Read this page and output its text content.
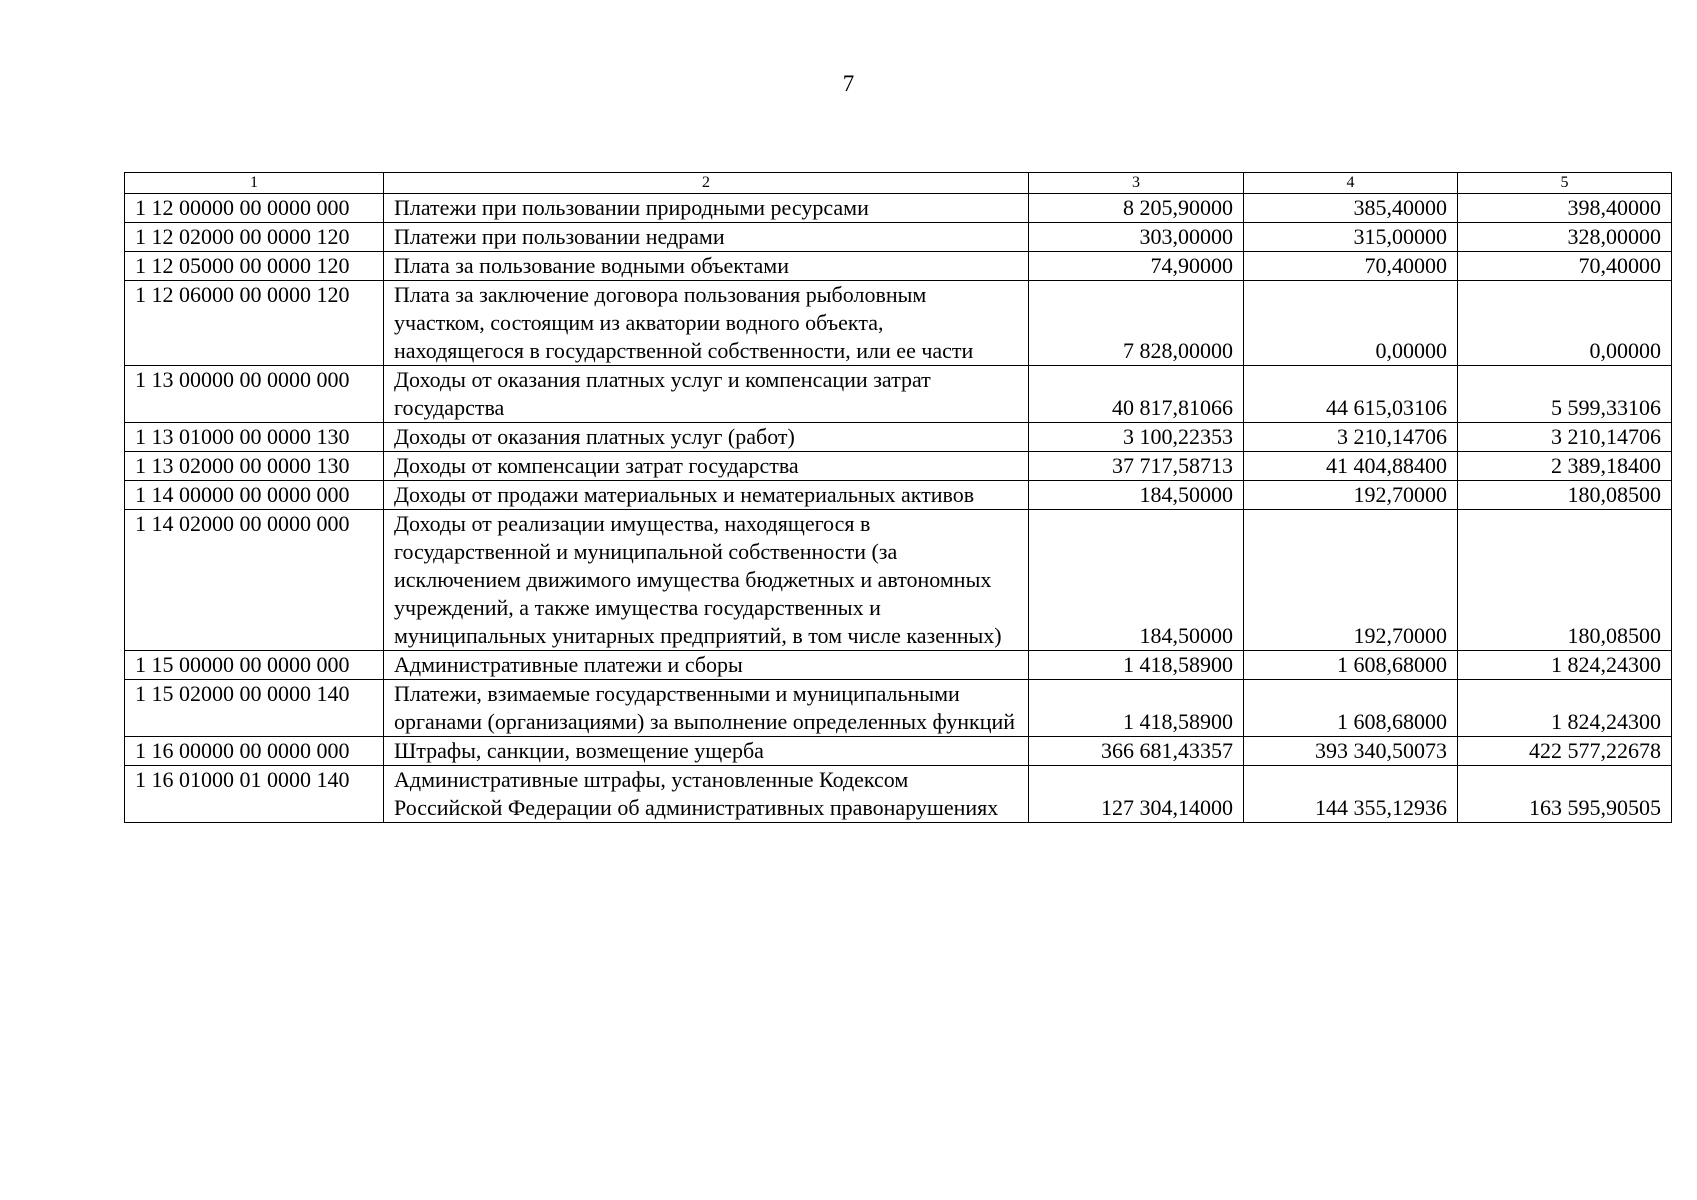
7
1	2	3	4	5
1 12 00000 00 0000 000	Платежи при пользовании природными ресурсами	8 205,90000	385,40000	398,40000
1 12 02000 00 0000 120	Платежи при пользовании недрами	303,00000	315,00000	328,00000
1 12 05000 00 0000 120	Плата за пользование водными объектами	74,90000	70,40000	70,40000
1 12 06000 00 0000 120	Плата за заключение договора пользования рыболовным участком, состоящим из акватории водного объекта, находящегося в государственной собственности, или ее части	7 828,00000	0,00000	0,00000
1 13 00000 00 0000 000	Доходы от оказания платных услуг и компенсации затрат государства	40 817,81066	44 615,03106	5 599,33106
1 13 01000 00 0000 130	Доходы от оказания платных услуг (работ)	3 100,22353	3 210,14706	3 210,14706
1 13 02000 00 0000 130	Доходы от компенсации затрат государства	37 717,58713	41 404,88400	2 389,18400
1 14 00000 00 0000 000	Доходы от продажи материальных и нематериальных активов	184,50000	192,70000	180,08500
1 14 02000 00 0000 000	Доходы от реализации имущества, находящегося в государственной и муниципальной собственности (за исключением движимого имущества бюджетных и автономных учреждений, а также имущества государственных и муниципальных унитарных предприятий, в том числе казенных)	184,50000	192,70000	180,08500
1 15 00000 00 0000 000	Административные платежи и сборы	1 418,58900	1 608,68000	1 824,24300
1 15 02000 00 0000 140	Платежи, взимаемые государственными и муниципальными органами (организациями) за выполнение определенных функций	1 418,58900	1 608,68000	1 824,24300
1 16 00000 00 0000 000	Штрафы, санкции, возмещение ущерба	366 681,43357	393 340,50073	422 577,22678
1 16 01000 01 0000 140	Административные штрафы, установленные Кодексом Российской Федерации об административных правонарушениях	127 304,14000	144 355,12936	163 595,90505
